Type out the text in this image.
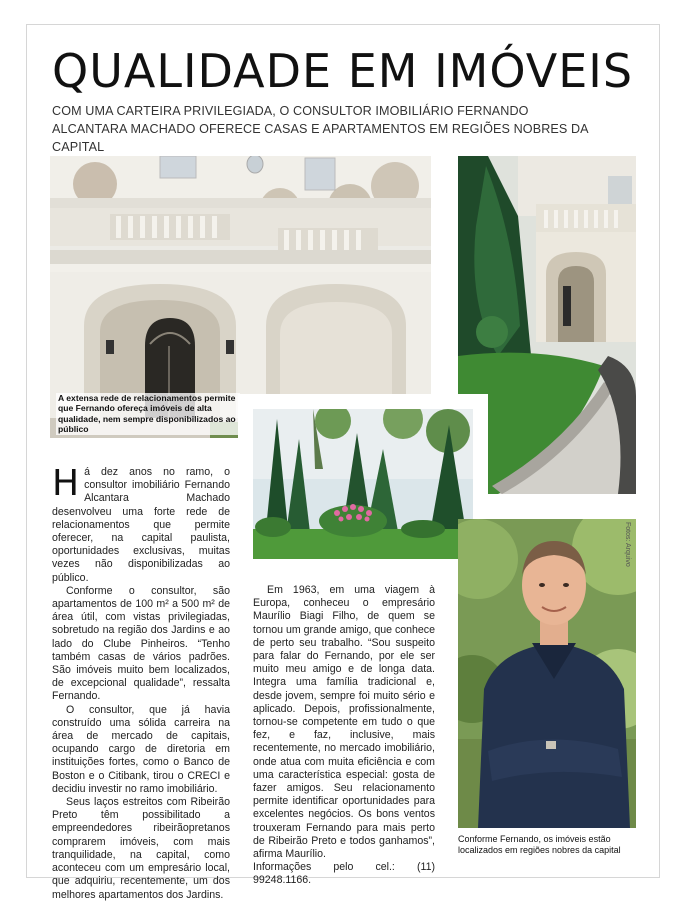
QUALIDADE EM IMÓVEIS
COM UMA CARTEIRA PRIVILEGIADA, O CONSULTOR IMOBILIÁRIO FERNANDO ALCANTARA MACHADO OFERECE CASAS E APARTAMENTOS EM REGIÕES NOBRES DA CAPITAL
A extensa rede de relacionamentos permite que Fernando ofereça imóveis de alta qualidade, nem sempre disponibilizados ao público
Fotos: Arquivo
Conforme Fernando, os imóveis estão localizados em regiões nobres da capital

Há dez anos no ramo, o consultor imobiliário Fernando Alcantara Machado desenvolveu uma forte rede de relacionamentos que permite oferecer, na capital paulista, oportunidades exclusivas, muitas vezes não disponibilizadas ao público.

Conforme o consultor, são apartamentos de 100 m² a 500 m² de área útil, com vistas privilegiadas, sobretudo na região dos Jardins e ao lado do Clube Pinheiros. “Tenho também casas de vários padrões. São imóveis muito bem localizados, de excepcional qualidade”, ressalta Fernando.

O consultor, que já havia construído uma sólida carreira na área de mercado de capitais, ocupando cargo de diretoria em instituições fortes, como o Banco de Boston e o Citibank, tirou o CRECI e decidiu investir no ramo imobiliário.

Seus laços estreitos com Ribeirão Preto têm possibilitado a empreendedores ribeirãopretanos comprarem imóveis, com mais tranquilidade, na capital, como aconteceu com um empresário local, que adquiriu, recentemente, um dos melhores apartamentos dos Jardins.

Em 1963, em uma viagem à Europa, conheceu o empresário Maurílio Biagi Filho, de quem se tornou um grande amigo, que conhece de perto seu trabalho. “Sou suspeito para falar do Fernando, por ele ser muito meu amigo e de longa data. Integra uma família tradicional e, desde jovem, sempre foi muito sério e aplicado. Depois, profissionalmente, tornou-se competente em tudo o que fez, e faz, inclusive, mais recentemente, no mercado imobiliário, onde atua com muita eficiência e com uma característica especial: gosta de fazer amigos. Seu relacionamento permite identificar oportunidades para excelentes negócios. Os bons ventos trouxeram Fernando para mais perto de Ribeirão Preto e todos ganhamos”, afirma Maurílio.

Informações pelo cel.: (11) 99248.1166.
